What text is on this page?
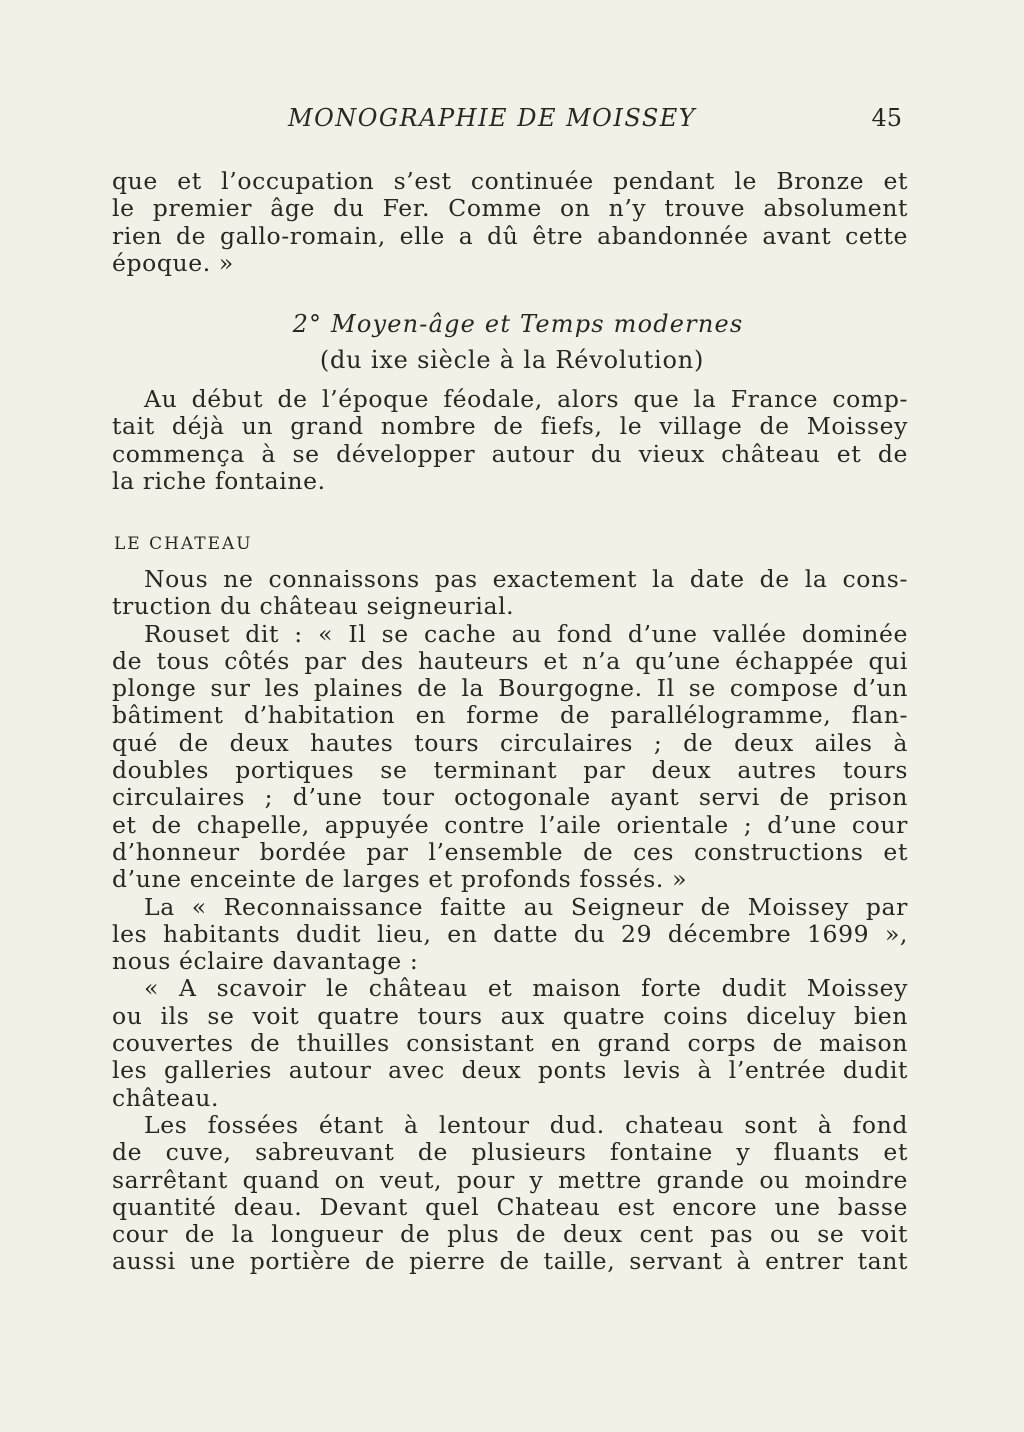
MONOGRAPHIE DE MOISSEY	45
que et l’occupation s’est continuée pendant le Bronze et
le premier âge du Fer. Comme on n’y trouve absolument
rien de gallo-romain, elle a dû être abandonnée avant cette
époque. »
2° Moyen-âge et Temps modernes
(du ixe siècle à la Révolution)
Au début de l’époque féodale, alors que la France comp-
tait déjà un grand nombre de fiefs, le village de Moissey
commença à se développer autour du vieux château et de
la riche fontaine.
LE CHATEAU
Nous ne connaissons pas exactement la date de la cons-
truction du château seigneurial.
Rouset dit : « Il se cache au fond d’une vallée dominée
de tous côtés par des hauteurs et n’a qu’une échappée qui
plonge sur les plaines de la Bourgogne. Il se compose d’un
bâtiment d’habitation en forme de parallélogramme, flan-
qué de deux hautes tours circulaires ; de deux ailes à
doubles portiques se terminant par deux autres tours
circulaires ; d’une tour octogonale ayant servi de prison
et de chapelle, appuyée contre l’aile orientale ; d’une cour
d’honneur bordée par l’ensemble de ces constructions et
d’une enceinte de larges et profonds fossés. »
La « Reconnaissance faitte au Seigneur de Moissey par
les habitants dudit lieu, en datte du 29 décembre 1699 »,
nous éclaire davantage :
« A scavoir le château et maison forte dudit Moissey
ou ils se voit quatre tours aux quatre coins diceluy bien
couvertes de thuilles consistant en grand corps de maison
les galleries autour avec deux ponts levis à l’entrée dudit
château.
Les fossées étant à lentour dud. chateau sont à fond
de cuve, sabreuvant de plusieurs fontaine y fluants et
sarrêtant quand on veut, pour y mettre grande ou moindre
quantité deau. Devant quel Chateau est encore une basse
cour de la longueur de plus de deux cent pas ou se voit
aussi une portière de pierre de taille, servant à entrer tant
